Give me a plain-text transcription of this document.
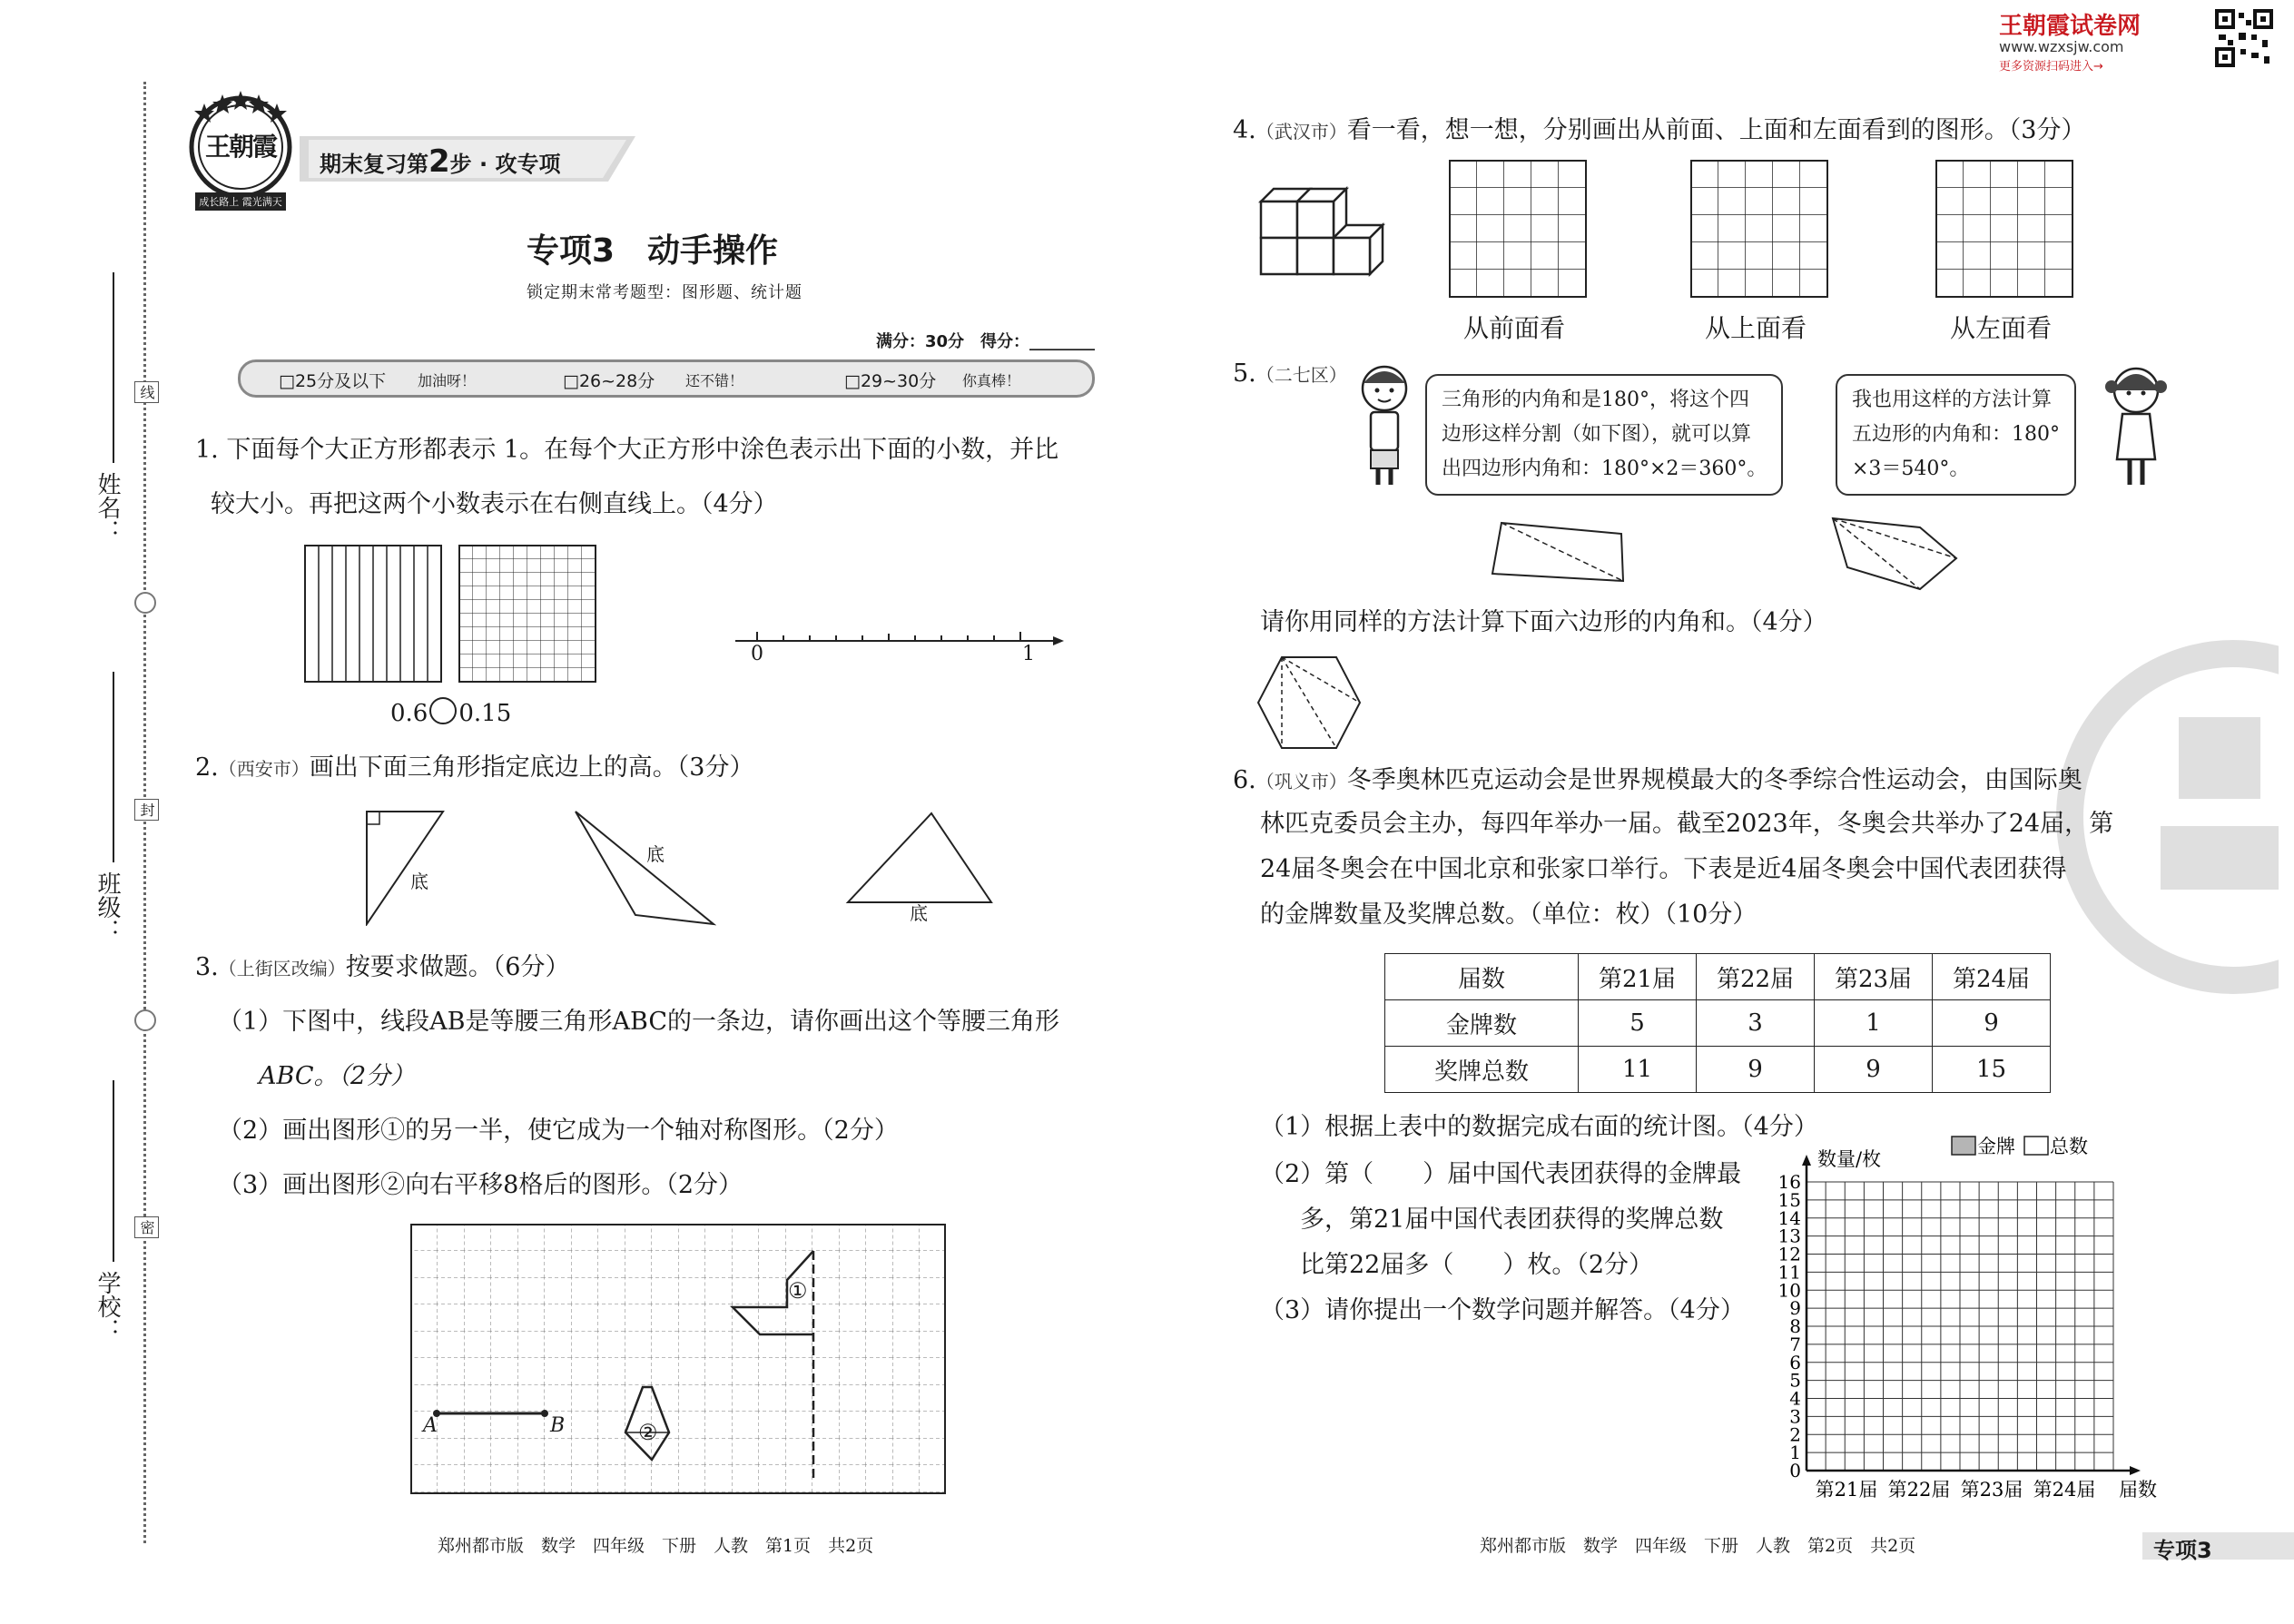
姓名：
班级：
学校：
线
封
密
王朝霞
成长路上 霞光满天
期末复习第2步 · 攻专项
专项3　动手操作
锁定期末常考题型：图形题、统计题
满分：30分　得分：________
□25分及以下 加油呀！	□26~28分 还不错！	□29~30分 你真棒！
1. 下面每个大正方形都表示 1。在每个大正方形中涂色表示出下面的小数，并比
较大小。再把这两个小数表示在右侧直线上。（4分）
0.6 0.15
0	1
2.（西安市）画出下面三角形指定底边上的高。（3分）
底
底
底
3.（上街区改编）按要求做题。（6分）
（1）下图中，线段AB是等腰三角形ABC的一条边，请你画出这个等腰三角形
ABC。（2分）
（2）画出图形①的另一半，使它成为一个轴对称图形。（2分）
（3）画出图形②向右平移8格后的图形。（2分）
A	B
①
②
郑州都市版　数学　四年级　下册　人教　第1页　共2页
王朝霞试卷网
www.wzxsjw.com
更多资源扫码进入→
4.（武汉市）看一看，想一想，分别画出从前面、上面和左面看到的图形。（3分）
从前面看	从上面看	从左面看
5.（二七区）
三角形的内角和是180°，将这个四
边形这样分割（如下图），就可以算
出四边形内角和：180°×2＝360°。
我也用这样的方法计算
五边形的内角和：180°
×3＝540°。
请你用同样的方法计算下面六边形的内角和。（4分）
6.（巩义市）冬季奥林匹克运动会是世界规模最大的冬季综合性运动会，由国际奥
林匹克委员会主办，每四年举办一届。截至2023年，冬奥会共举办了24届，第
24届冬奥会在中国北京和张家口举行。下表是近4届冬奥会中国代表团获得
的金牌数量及奖牌总数。（单位：枚）（10分）
届数	第21届	第22届	第23届	第24届
金牌数	5	3	1	9
奖牌总数	11	9	9	15
（1）根据上表中的数据完成右面的统计图。（4分）
（2）第（　　）届中国代表团获得的金牌最
多，第21届中国代表团获得的奖牌总数
比第22届多（　　）枚。（2分）
（3）请你提出一个数学问题并解答。（4分）
0
1
2
3
4
5
6
7
8
9
10
11
12
13
14
15
16
第21届 第22届 第23届 第24届 届数
数量/枚
金牌 总数
郑州都市版　数学　四年级　下册　人教　第2页　共2页	专项3
